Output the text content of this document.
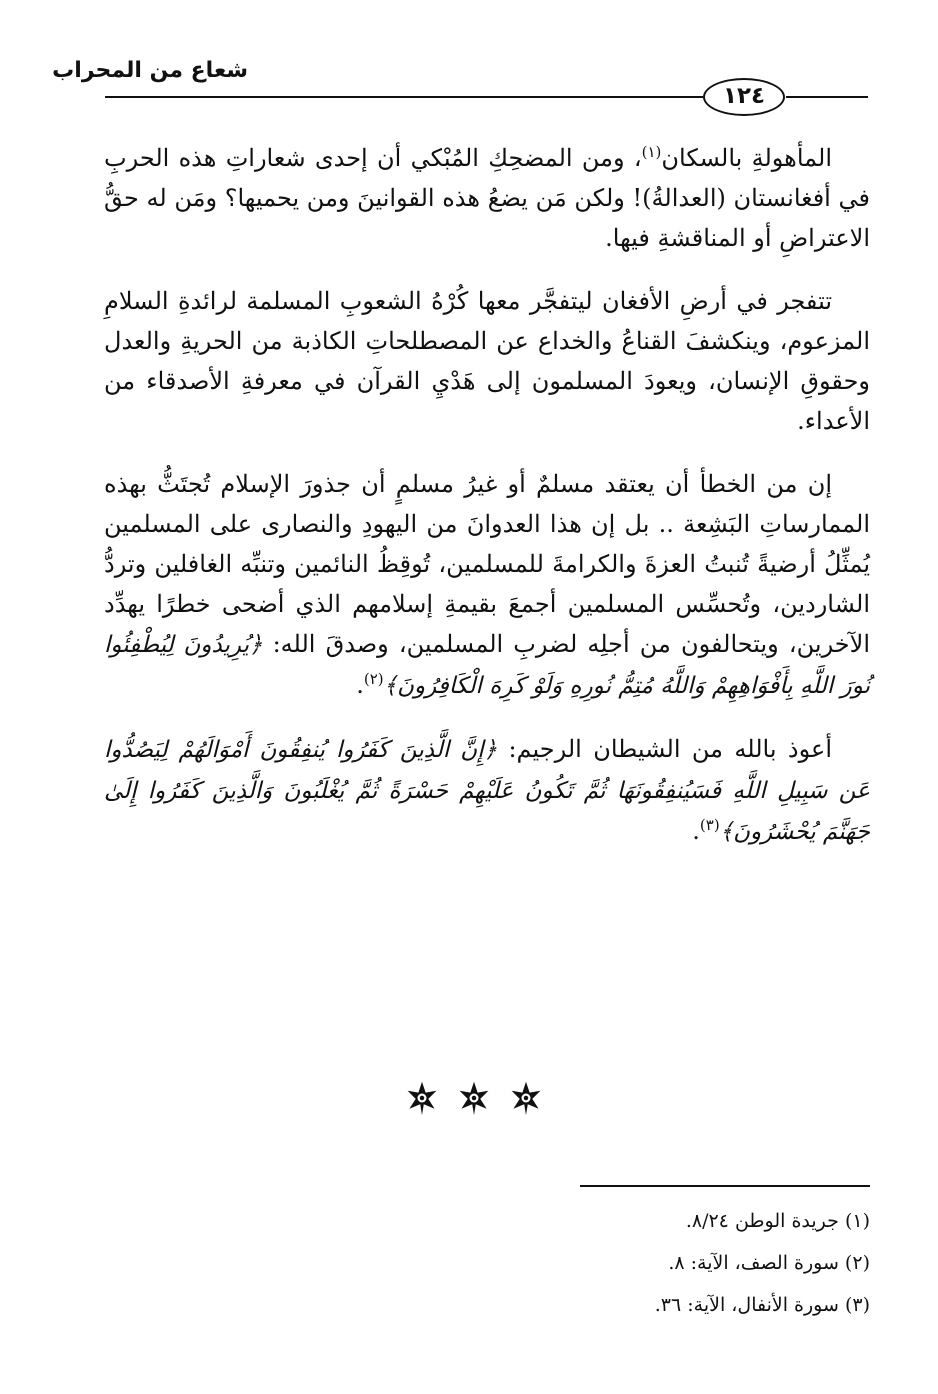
شعاع من المحراب
١٢٤

المأهولةِ بالسكان$^{(١)}$، ومن المضحِكِ المُبْكي أن إحدى شعاراتِ هذه الحربِ في أفغانستان (العدالةُ)! ولكن مَن يضعُ هذه القوانينَ ومن يحميها؟ ومَن له حقُّ الاعتراضِ أو المناقشةِ فيها.

تتفجر في أرضِ الأفغان ليتفجَّر معها كُرْهُ الشعوبِ المسلمة لرائدةِ السلامِ المزعوم، وينكشفَ القناعُ والخداع عن المصطلحاتِ الكاذبة من الحريةِ والعدل وحقوقِ الإنسان، ويعودَ المسلمون إلى هَدْيِ القرآن في معرفةِ الأصدقاء من الأعداء.

إن من الخطأ أن يعتقد مسلمٌ أو غيرُ مسلمٍ أن جذورَ الإسلام تُجتَثُّ بهذه الممارساتِ البَشِعة .. بل إن هذا العدوانَ من اليهودِ والنصارى على المسلمين يُمثِّلُ أرضيةً تُنبتُ العزةَ والكرامةَ للمسلمين، تُوقِظُ النائمين وتنبِّه الغافلين وتردُّ الشاردين، وتُحسِّس المسلمين أجمعَ بقيمةِ إسلامهم الذي أضحى خطرًا يهدِّد الآخرين، ويتحالفون من أجلِه لضربِ المسلمين، وصدقَ الله: ﴿يُرِيدُونَ لِيُطْفِئُوا نُورَ اللَّهِ بِأَفْوَاهِهِمْ وَاللَّهُ مُتِمُّ نُورِهِ وَلَوْ كَرِهَ الْكَافِرُونَ﴾$^{(٢)}$.

أعوذ بالله من الشيطان الرجيم: ﴿إِنَّ الَّذِينَ كَفَرُوا يُنفِقُونَ أَمْوَالَهُمْ لِيَصُدُّوا عَن سَبِيلِ اللَّهِ فَسَيُنفِقُونَهَا ثُمَّ تَكُونُ عَلَيْهِمْ حَسْرَةً ثُمَّ يُغْلَبُونَ وَالَّذِينَ كَفَرُوا إِلَىٰ جَهَنَّمَ يُحْشَرُونَ﴾$^{(٣)}$.

(١) جريدة الوطن ٨/٢٤.
(٢) سورة الصف، الآية: ٨.
(٣) سورة الأنفال، الآية: ٣٦.
